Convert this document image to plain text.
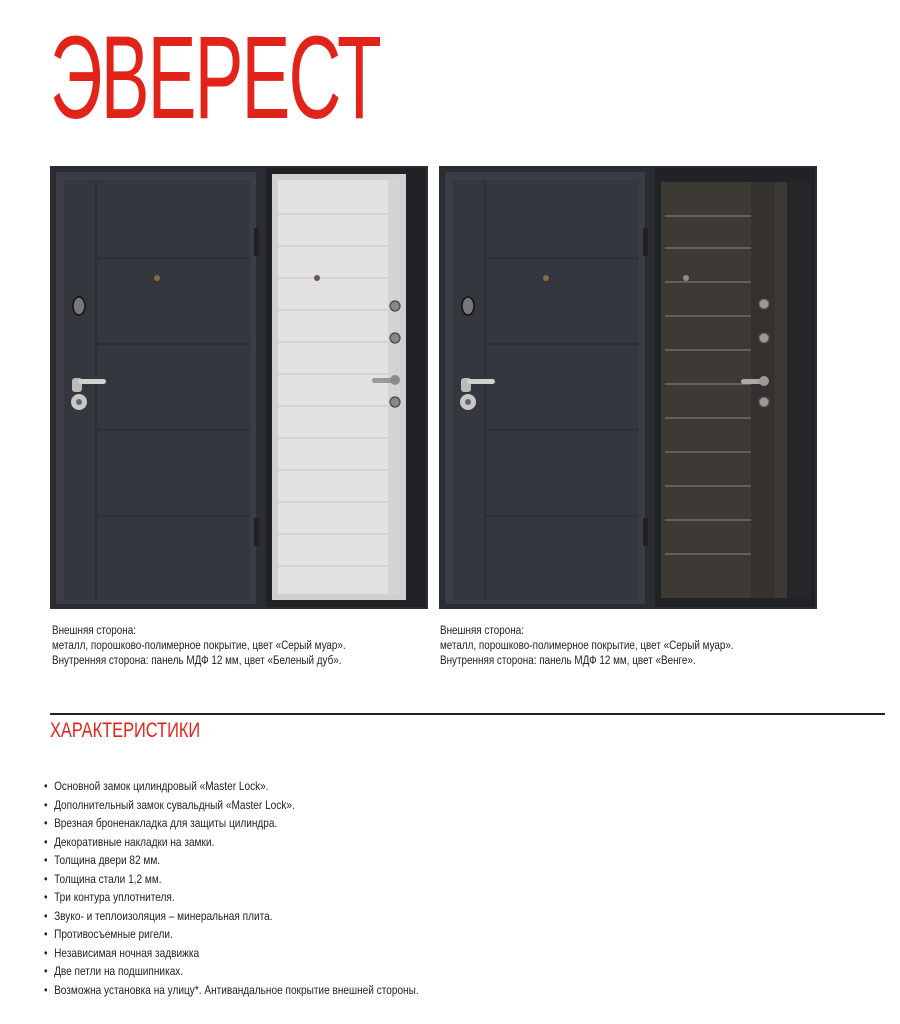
ЭВЕРЕСТ
Внешняя сторона:
металл, порошково-полимерное покрытие, цвет «Серый муар».
Внутренняя сторона: панель МДФ 12 мм, цвет «Беленый дуб».
Внешняя сторона:
металл, порошково-полимерное покрытие, цвет «Серый муар».
Внутренняя сторона: панель МДФ 12 мм, цвет «Венге».
ХАРАКТЕРИСТИКИ
• Основной замок цилиндровый «Master Lock».
• Дополнительный замок сувальдный «Master Lock».
• Врезная броненакладка для защиты цилиндра.
• Декоративные накладки на замки.
• Толщина двери 82 мм.
• Толщина стали 1,2 мм.
• Три контура уплотнителя.
• Звуко- и теплоизоляция – минеральная плита.
• Противосъемные ригели.
• Независимая ночная задвижка
• Две петли на подшипниках.
• Возможна установка на улицу*. Антивандальное покрытие внешней стороны.
